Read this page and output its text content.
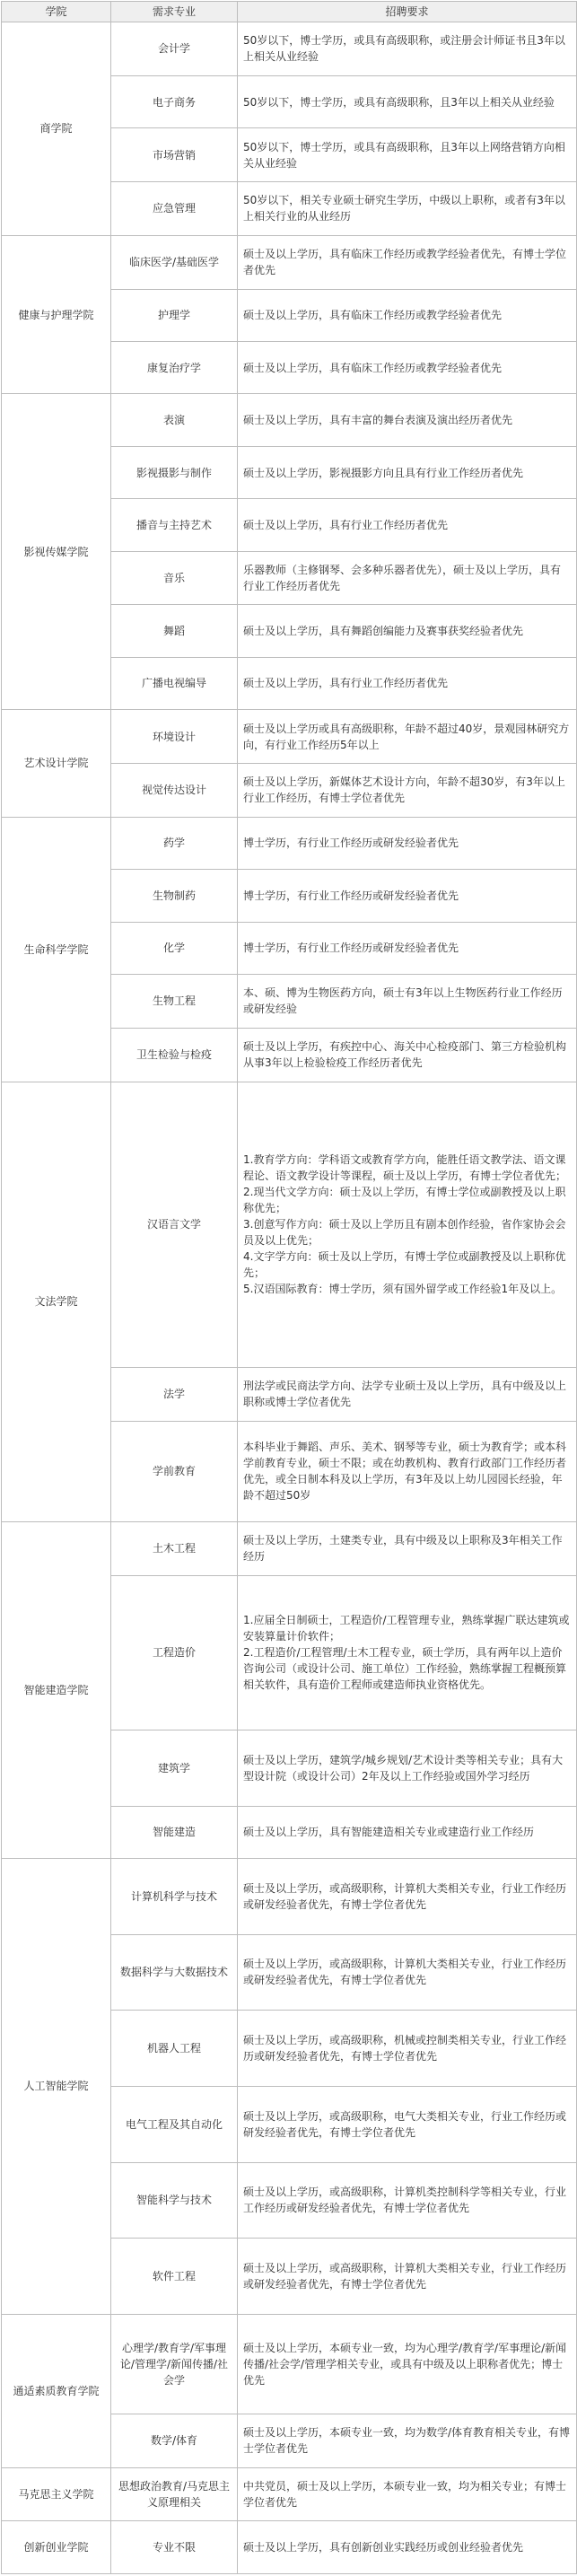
学院	需求专业	招聘要求
商学院	会计学	50岁以下，博士学历，或具有高级职称，或注册会计师证书且3年以上相关从业经验
	电子商务	50岁以下，博士学历，或具有高级职称，且3年以上相关从业经验
	市场营销	50岁以下，博士学历，或具有高级职称，且3年以上网络营销方向相关从业经验
	应急管理	50岁以下，相关专业硕士研究生学历，中级以上职称，或者有3年以上相关行业的从业经历
健康与护理学院	临床医学/基础医学	硕士及以上学历，具有临床工作经历或教学经验者优先，有博士学位者优先
	护理学	硕士及以上学历，具有临床工作经历或教学经验者优先
	康复治疗学	硕士及以上学历，具有临床工作经历或教学经验者优先
影视传媒学院	表演	硕士及以上学历，具有丰富的舞台表演及演出经历者优先
	影视摄影与制作	硕士及以上学历，影视摄影方向且具有行业工作经历者优先
	播音与主持艺术	硕士及以上学历，具有行业工作经历者优先
	音乐	乐器教师（主修钢琴、会多种乐器者优先），硕士及以上学历，具有行业工作经历者优先
	舞蹈	硕士及以上学历，具有舞蹈创编能力及赛事获奖经验者优先
	广播电视编导	硕士及以上学历，具有行业工作经历者优先
艺术设计学院	环境设计	硕士及以上学历或具有高级职称，年龄不超过40岁，景观园林研究方向，有行业工作经历5年以上
	视觉传达设计	硕士及以上学历，新媒体艺术设计方向，年龄不超30岁，有3年以上行业工作经历，有博士学位者优先
生命科学学院	药学	博士学历，有行业工作经历或研发经验者优先
	生物制药	博士学历，有行业工作经历或研发经验者优先
	化学	博士学历，有行业工作经历或研发经验者优先
	生物工程	本、硕、博为生物医药方向，硕士有3年以上生物医药行业工作经历或研发经验
	卫生检验与检疫	硕士及以上学历，有疾控中心、海关中心检疫部门、第三方检验机构从事3年以上检验检疫工作经历者优先
文法学院	汉语言文学	1.教育学方向：学科语文或教育学方向，能胜任语文教学法、语文课程论、语文教学设计等课程，硕士及以上学历，有博士学位者优先；
2.现当代文学方向：硕士及以上学历，有博士学位或副教授及以上职称优先；
3.创意写作方向：硕士及以上学历且有剧本创作经验，省作家协会会员及以上优先；
4.文字学方向：硕士及以上学历，有博士学位或副教授及以上职称优先；
5.汉语国际教育：博士学历，须有国外留学或工作经验1年及以上。

	法学	刑法学或民商法学方向、法学专业硕士及以上学历，具有中级及以上职称或博士学位者优先
	学前教育	本科毕业于舞蹈、声乐、美术、钢琴等专业，硕士为教育学；或本科学前教育专业，硕士不限；或在幼教机构、教育行政部门工作经历者优先，或全日制本科及以上学历，有3年及以上幼儿园园长经验，年龄不超过50岁
智能建造学院	土木工程	硕士及以上学历，土建类专业，具有中级及以上职称及3年相关工作经历
	工程造价	1.应届全日制硕士，工程造价/工程管理专业，熟练掌握广联达建筑或安装算量计价软件；
2.工程造价/工程管理/土木工程专业，硕士学历，具有两年以上造价咨询公司（或设计公司、施工单位）工作经验，熟练掌握工程概预算相关软件，具有造价工程师或建造师执业资格优先。

	建筑学	硕士及以上学历，建筑学/城乡规划/艺术设计类等相关专业；具有大型设计院（或设计公司）2年及以上工作经验或国外学习经历
	智能建造	硕士及以上学历，具有智能建造相关专业或建造行业工作经历
人工智能学院	计算机科学与技术	硕士及以上学历，或高级职称，计算机大类相关专业，行业工作经历或研发经验者优先，有博士学位者优先
	数据科学与大数据技术	硕士及以上学历，或高级职称，计算机大类相关专业，行业工作经历或研发经验者优先，有博士学位者优先
	机器人工程	硕士及以上学历，或高级职称，机械或控制类相关专业，行业工作经历或研发经验者优先，有博士学位者优先
	电气工程及其自动化	硕士及以上学历，或高级职称，电气大类相关专业，行业工作经历或研发经验者优先，有博士学位者优先
	智能科学与技术	硕士及以上学历，或高级职称，计算机类控制科学等相关专业，行业工作经历或研发经验者优先，有博士学位者优先
	软件工程	硕士及以上学历，或高级职称，计算机大类相关专业，行业工作经历或研发经验者优先，有博士学位者优先
通适素质教育学院	心理学/教育学/军事理论/管理学/新闻传播/社会学	硕士及以上学历，本硕专业一致，均为心理学/教育学/军事理论/新闻传播/社会学/管理学相关专业，或具有中级及以上职称者优先；博士优先
	数学/体育	硕士及以上学历，本硕专业一致，均为数学/体育教育相关专业，有博士学位者优先
马克思主义学院	思想政治教育/马克思主义原理相关	中共党员，硕士及以上学历，本硕专业一致，均为相关专业；有博士学位者优先
创新创业学院	专业不限	硕士及以上学历，具有创新创业实践经历或创业经验者优先
